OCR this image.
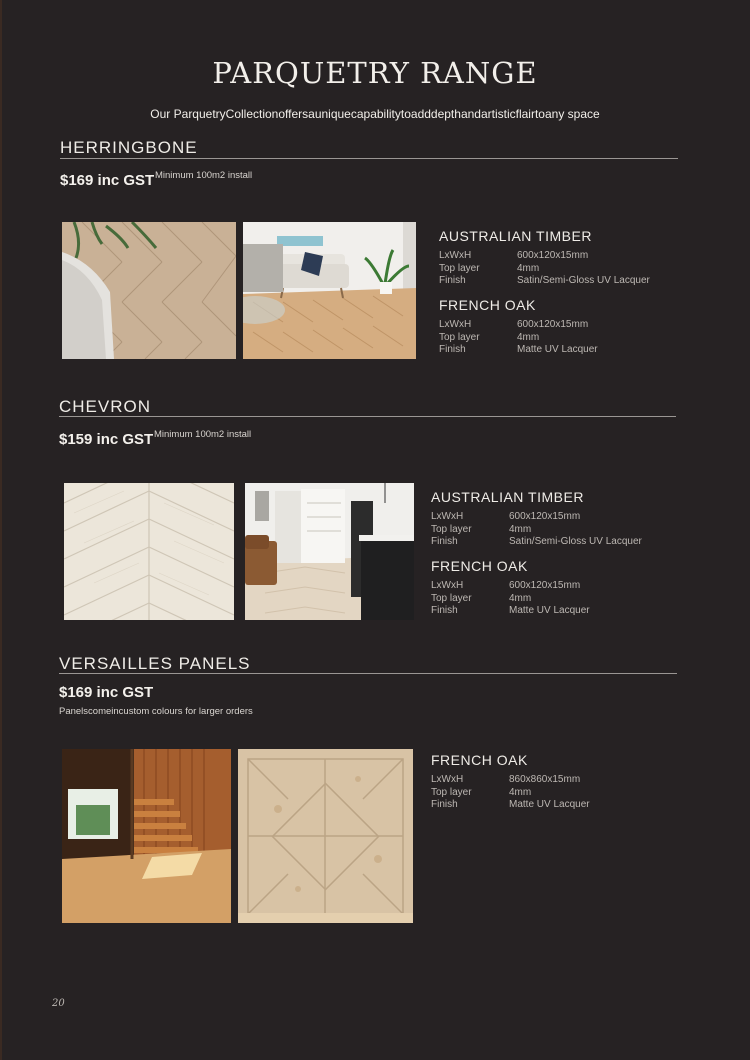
PARQUETRY RANGE
Our ParquetryCollectionoffersauniquecapabilitytoadddepthandartisticflairtoany space
HERRINGBONE
$169 inc GST Minimum 100m2 install
AUSTRALIAN TIMBER
LxWxH	600x120x15mm
Top layer	4mm
Finish	Satin/Semi-Gloss UV Lacquer
FRENCH OAK
LxWxH	600x120x15mm
Top layer	4mm
Finish	Matte UV Lacquer
CHEVRON
$159 inc GST Minimum 100m2 install
AUSTRALIAN TIMBER
LxWxH	600x120x15mm
Top layer	4mm
Finish	Satin/Semi-Gloss UV Lacquer
FRENCH OAK
LxWxH	600x120x15mm
Top layer	4mm
Finish	Matte UV Lacquer
VERSAILLES PANELS
$169 inc GST
Panelscomeincustom colours for larger orders
FRENCH OAK
LxWxH	860x860x15mm
Top layer	4mm
Finish	Matte UV Lacquer
20
